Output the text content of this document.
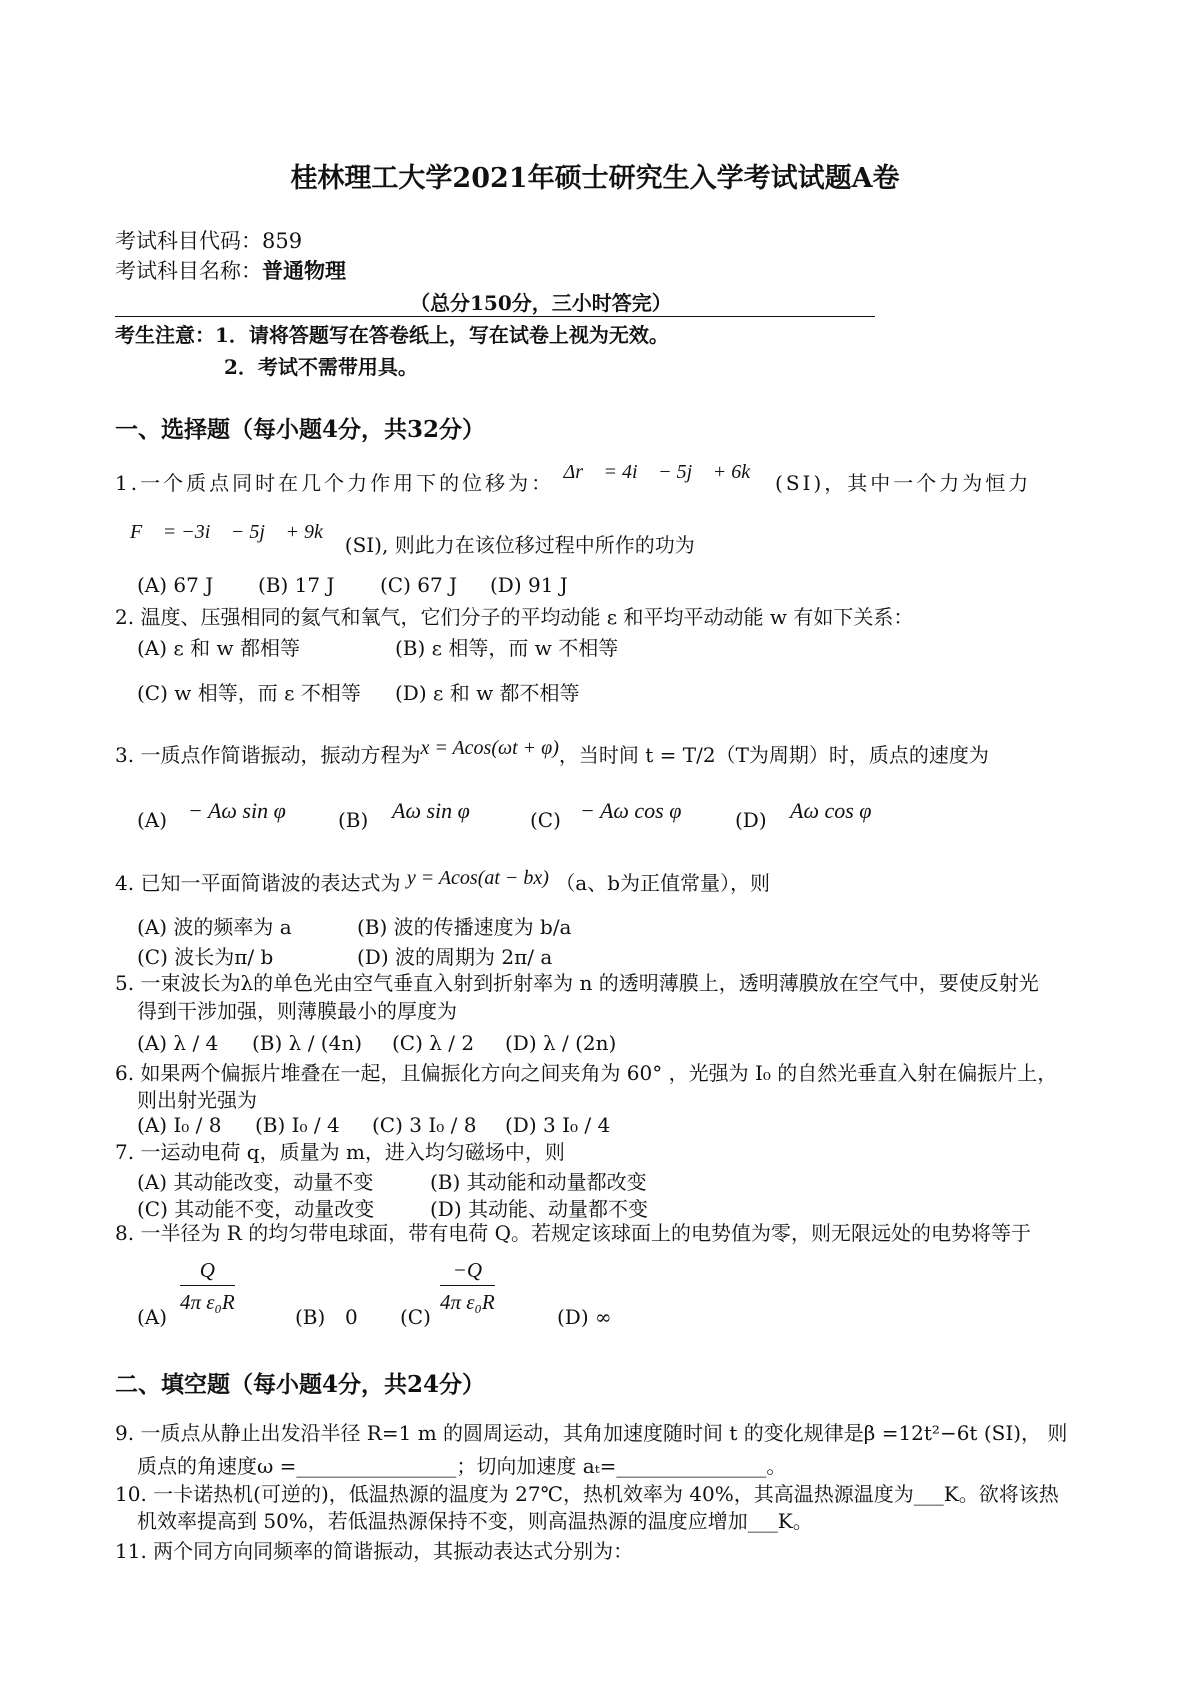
桂林理工大学2021年硕士研究生入学考试试题A卷
考试科目代码：859
考试科目名称：普通物理
（总分150分，三小时答完）
考生注意：1．请将答题写在答卷纸上，写在试卷上视为无效。
2．考试不需带用具。
一、选择题（每小题4分，共32分）
1.一个质点同时在几个力作用下的位移为： Δr⃗ = 4i⃗ − 5j⃗ + 6k⃗ (SI)，其中一个力为恒力
F⃗ = −3i⃗ − 5j⃗ + 9k⃗ (SI), 则此力在该位移过程中所作的功为
(A) 67 J (B) 17 J (C) 67 J (D) 91 J
2. 温度、压强相同的氦气和氧气，它们分子的平均动能 ε 和平均平动动能 w 有如下关系：
(A) ε 和 w 都相等	(B) ε 相等，而 w 不相等
(C) w 相等，而 ε 不相等 (D) ε 和 w 都不相等
3. 一质点作简谐振动，振动方程为x = Acos(ωt + φ)，当时间 t = T/2（T为周期）时，质点的速度为
(A) − Aω sin φ	(B) Aω sin φ	(C) − Aω cos φ	(D) Aω cos φ
4. 已知一平面简谐波的表达式为 y = Acos(at − bx) （a、b为正值常量），则
(A) 波的频率为 a	(B) 波的传播速度为 b/a
(C) 波长为π/ b	(D) 波的周期为 2π/ a
5. 一束波长为λ的单色光由空气垂直入射到折射率为 n 的透明薄膜上，透明薄膜放在空气中，要使反射光
得到干涉加强，则薄膜最小的厚度为
(A) λ / 4 (B) λ / (4n) (C) λ / 2 (D) λ / (2n)
6. 如果两个偏振片堆叠在一起，且偏振化方向之间夹角为 60° ，光强为 I₀ 的自然光垂直入射在偏振片上，
则出射光强为
(A) I₀ / 8 (B) I₀ / 4 (C) 3 I₀ / 8 (D) 3 I₀ / 4
7. 一运动电荷 q，质量为 m，进入均匀磁场中，则
(A) 其动能改变，动量不变	(B) 其动能和动量都改变
(C) 其动能不变，动量改变	(D) 其动能、动量都不变
8. 一半径为 R 的均匀带电球面，带有电荷 Q。若规定该球面上的电势值为零，则无限远处的电势将等于
(A)
$\frac{Q}{\text{4π ε₀R}}$
(B) 0 (C)
$\frac{-Q}{\text{4π ε₀R}}$
(D) ∞
二、填空题（每小题4分，共24分）
9. 一质点从静止出发沿半径 R=1 m 的圆周运动，其角加速度随时间 t 的变化规律是β =12t²−6t (SI)， 则
质点的角速度ω =________________；切向加速度 aₜ=_______________。
10. 一卡诺热机(可逆的)，低温热源的温度为 27℃，热机效率为 40%，其高温热源温度为___K。欲将该热
机效率提高到 50%，若低温热源保持不变，则高温热源的温度应增加___K。
11. 两个同方向同频率的简谐振动，其振动表达式分别为：
